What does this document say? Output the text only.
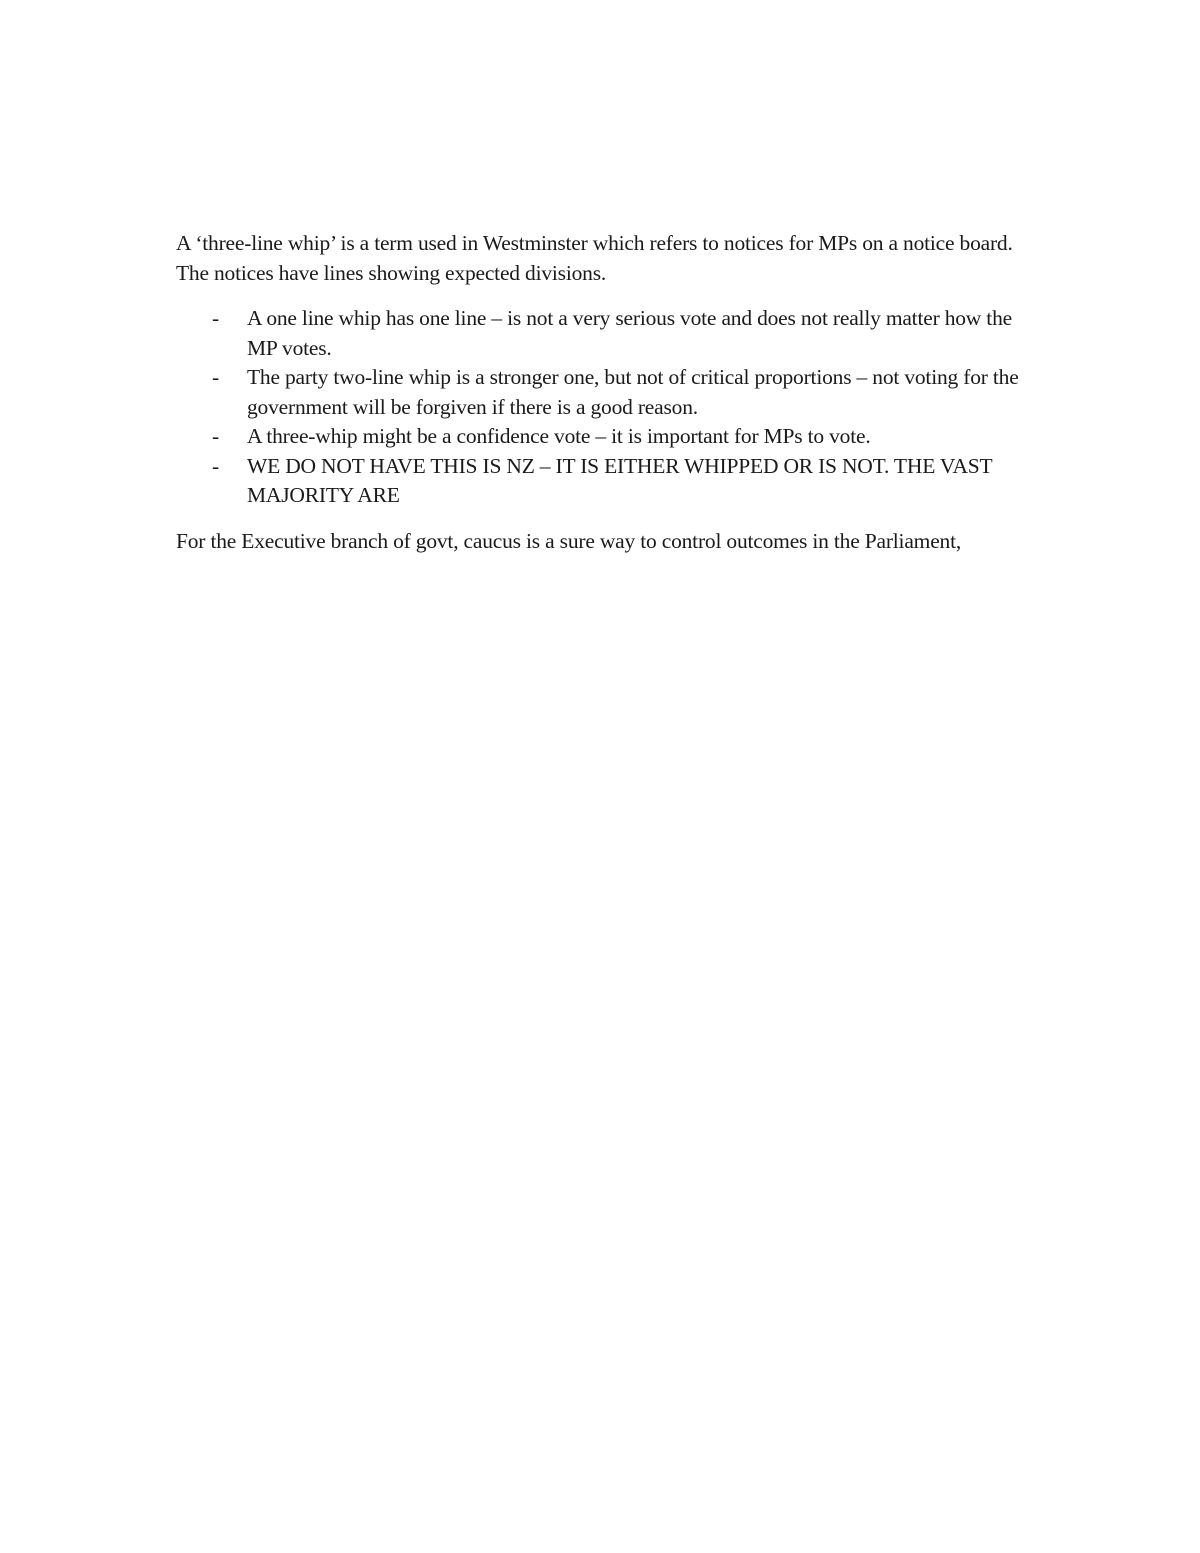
A ‘three-line whip’ is a term used in Westminster which refers to notices for MPs on a notice board. The notices have lines showing expected divisions.

- A one line whip has one line – is not a very serious vote and does not really matter how the MP votes.
- The party two-line whip is a stronger one, but not of critical proportions – not voting for the government will be forgiven if there is a good reason.
- A three-whip might be a confidence vote – it is important for MPs to vote.
- WE DO NOT HAVE THIS IS NZ – IT IS EITHER WHIPPED OR IS NOT. THE VAST MAJORITY ARE

For the Executive branch of govt, caucus is a sure way to control outcomes in the Parliament,
